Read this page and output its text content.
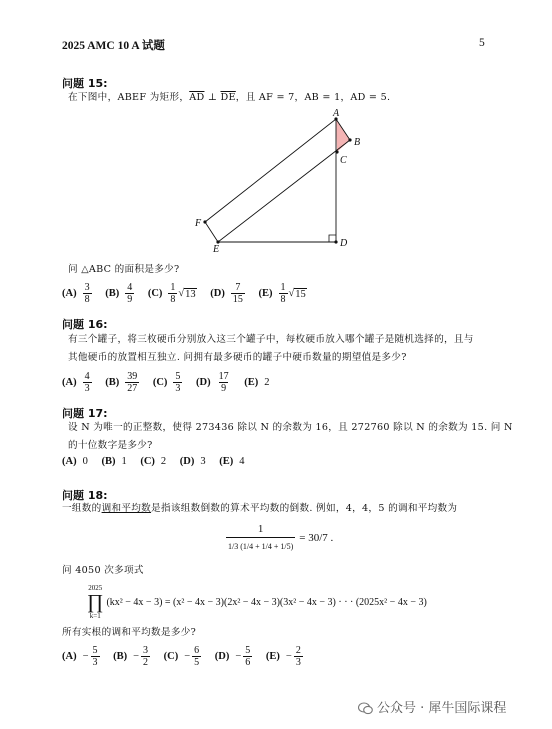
2025 AMC 10 A 试题	5
问题 15:
在下图中，ABEF 为矩形，$\overline{AD}$ ⊥ $\overline{DE}$，且 AF = 7，AB = 1，AD = 5.
A
B
C
D
E
F
问 △ABC 的面积是多少?
$(A) \frac{3}{8}$
$(B) \frac{4}{9}$
$(C) \frac{1}{8}$ √ 13
$(D) \frac{7}{15}$
$(E) \frac{1}{8}$ √ 15
问题 16:
有三个罐子，将三枚硬币分别放入这三个罐子中，每枚硬币放入哪个罐子是随机选择的，且与
其他硬币的放置相互独立. 问拥有最多硬币的罐子中硬币数量的期望值是多少?
$(A) \frac{4}{3}$
$(B) \frac{39}{27}$
$(C) \frac{5}{3}$
$(D) \frac{17}{9}$
(E) 2
问题 17:
设 N 为唯一的正整数，使得 273436 除以 N 的余数为 16，且 272760 除以 N 的余数为 15. 问 N
的十位数字是多少?
(A) 0
(B) 1
(C) 2
(D) 3
(E) 4
问题 18:
一组数的调和平均数是指该组数倒数的算术平均数的倒数. 例如，4，4，5 的调和平均数为
$\frac{1}{1/3 (1/4 + 1/4 + 1/5)} = 30/7$ .
问 4050 次多项式
2025
∏
k=1
(kx² − 4x − 3) = (x² − 4x − 3)(2x² − 4x − 3)(3x² − 4x − 3) · · · (2025x² − 4x − 3)
所有实根的调和平均数是多少?
$(A) - \frac{5}{3}$
$(B) - \frac{3}{2}$
$(C) - \frac{6}{5}$
$(D) - \frac{5}{6}$
$(E) - \frac{2}{3}$
公众号 · 犀牛国际课程
